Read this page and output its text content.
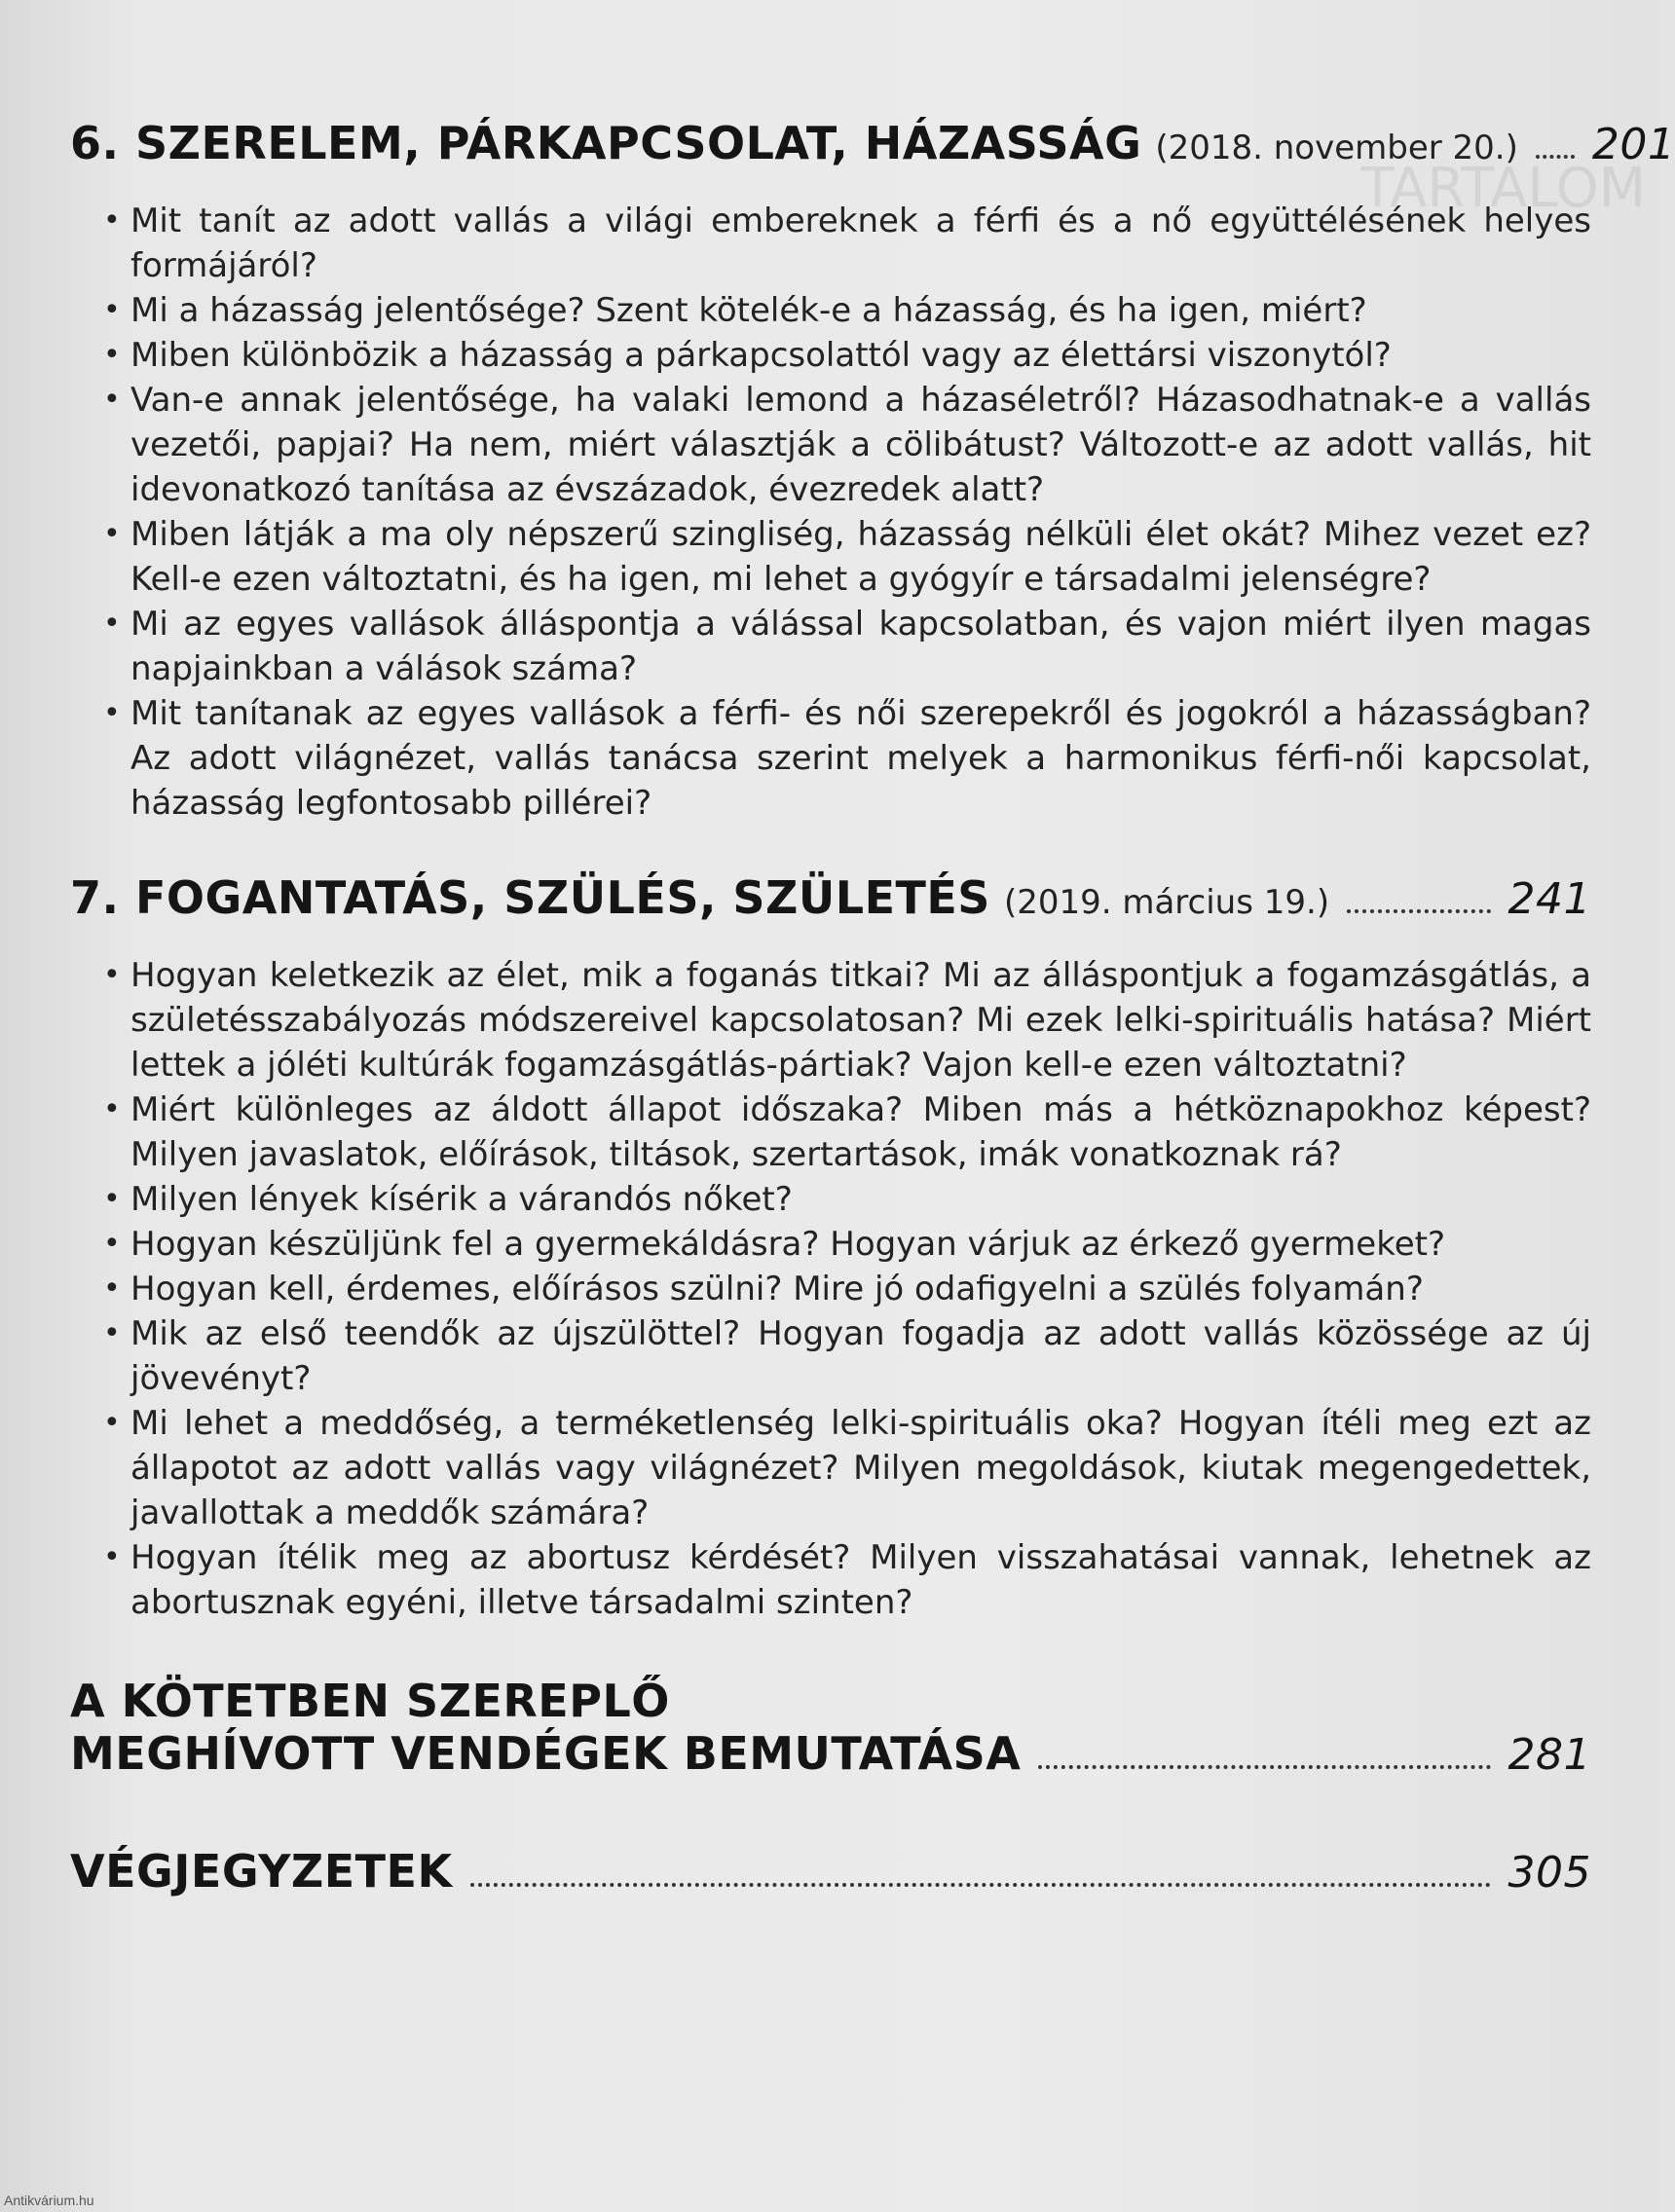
TARTALOM
6. SZERELEM, PÁRKAPCSOLAT, HÁZASSÁG (2018. november 20.) 201
• Mit tanít az adott vallás a világi embereknek a férfi és a nő együttélésének helyes formájáról?
• Mi a házasság jelentősége? Szent kötelék-e a házasság, és ha igen, miért?
• Miben különbözik a házasság a párkapcsolattól vagy az élettársi viszonytól?
• Van-e annak jelentősége, ha valaki lemond a házaséletről? Házasodhatnak-e a vallás vezetői, papjai? Ha nem, miért választják a cölibátust? Változott-e az adott vallás, hit idevonatkozó tanítása az évszázadok, évezredek alatt?
• Miben látják a ma oly népszerű szingliség, házasság nélküli élet okát? Mihez vezet ez? Kell-e ezen változtatni, és ha igen, mi lehet a gyógyír e társadalmi jelenségre?
• Mi az egyes vallások álláspontja a válással kapcsolatban, és vajon miért ilyen magas napjainkban a válások száma?
• Mit tanítanak az egyes vallások a férfi- és női szerepekről és jogokról a házasságban? Az adott világnézet, vallás tanácsa szerint melyek a harmonikus férfi-női kapcsolat, házasság legfontosabb pillérei?
7. FOGANTATÁS, SZÜLÉS, SZÜLETÉS (2019. március 19.)	241
• Hogyan keletkezik az élet, mik a foganás titkai? Mi az álláspontjuk a fogamzásgátlás, a születésszabályozás módszereivel kapcsolatosan? Mi ezek lelki-spirituális hatása? Miért lettek a jóléti kultúrák fogamzásgátlás-pártiak? Vajon kell-e ezen változtatni?
• Miért különleges az áldott állapot időszaka? Miben más a hétköznapokhoz képest? Milyen javaslatok, előírások, tiltások, szertartások, imák vonatkoznak rá?
• Milyen lények kísérik a várandós nőket?
• Hogyan készüljünk fel a gyermekáldásra? Hogyan várjuk az érkező gyermeket?
• Hogyan kell, érdemes, előírásos szülni? Mire jó odafigyelni a szülés folyamán?
• Mik az első teendők az újszülöttel? Hogyan fogadja az adott vallás közössége az új jövevényt?
• Mi lehet a meddőség, a terméketlenség lelki-spirituális oka? Hogyan ítéli meg ezt az állapotot az adott vallás vagy világnézet? Milyen megoldások, kiutak megengedettek, javallottak a meddők számára?
• Hogyan ítélik meg az abortusz kérdését? Milyen visszahatásai vannak, lehetnek az abortusznak egyéni, illetve társadalmi szinten?
A KÖTETBEN SZEREPLŐ
MEGHÍVOTT VENDÉGEK BEMUTATÁSA	281
VÉGJEGYZETEK	305
Antikvárium.hu
